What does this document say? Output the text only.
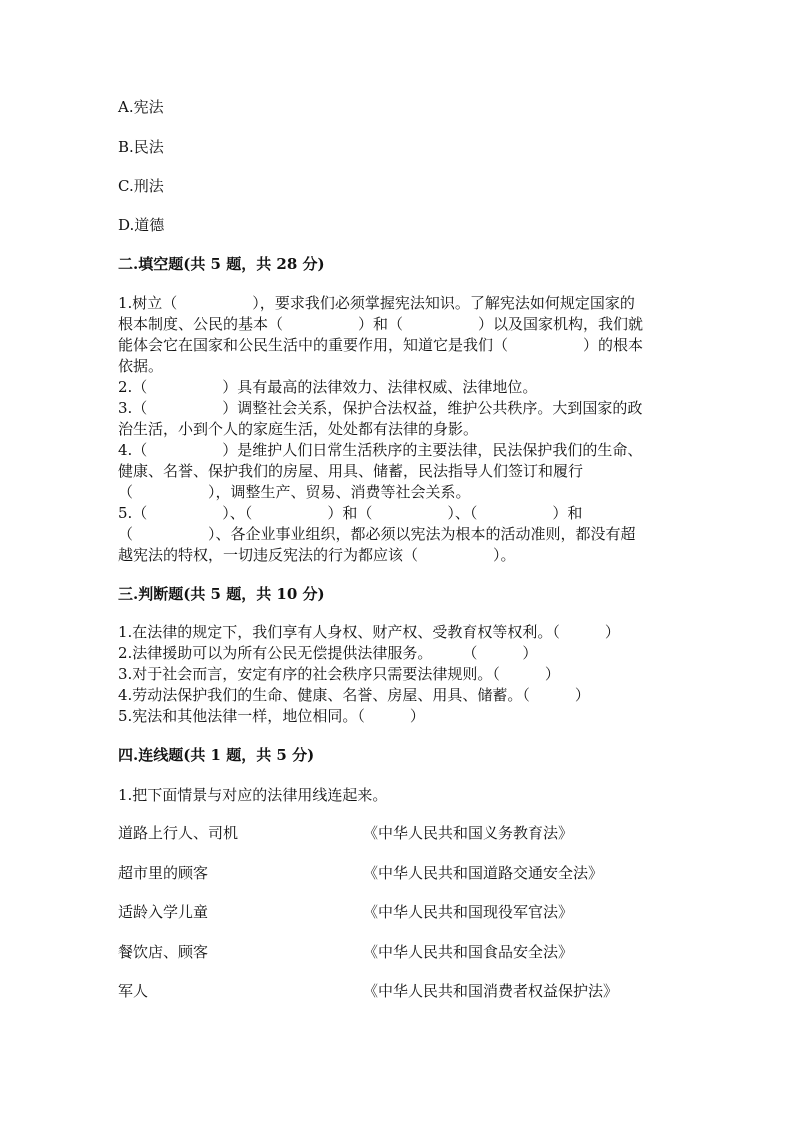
A.宪法
B.民法
C.刑法
D.道德
二.填空题(共 5 题，共 28 分)
1.树立（　　　　　），要求我们必须掌握宪法知识。了解宪法如何规定国家的
根本制度、公民的基本（　　　　　）和（　　　　　）以及国家机构，我们就
能体会它在国家和公民生活中的重要作用，知道它是我们（　　　　　）的根本
依据。
2.（　　　　　）具有最高的法律效力、法律权威、法律地位。
3.（　　　　　）调整社会关系，保护合法权益，维护公共秩序。大到国家的政
治生活，小到个人的家庭生活，处处都有法律的身影。
4.（　　　　　）是维护人们日常生活秩序的主要法律，民法保护我们的生命、
健康、名誉、保护我们的房屋、用具、储蓄，民法指导人们签订和履行
（　　　　　），调整生产、贸易、消费等社会关系。
5.（　　　　　）、（　　　　　）和（　　　　　）、（　　　　　）和
（　　　　　）、各企业事业组织，都必须以宪法为根本的活动准则，都没有超
越宪法的特权，一切违反宪法的行为都应该（　　　　　）。
三.判断题(共 5 题，共 10 分)
1.在法律的规定下，我们享有人身权、财产权、受教育权等权利。（　　　）
2.法律援助可以为所有公民无偿提供法律服务。　　　（　　　）
3.对于社会而言，安定有序的社会秩序只需要法律规则。（　　　）
4.劳动法保护我们的生命、健康、名誉、房屋、用具、储蓄。（　　　）
5.宪法和其他法律一样，地位相同。（　　　）
四.连线题(共 1 题，共 5 分)
1.把下面情景与对应的法律用线连起来。
道路上行人、司机	《中华人民共和国义务教育法》
超市里的顾客	《中华人民共和国道路交通安全法》
适龄入学儿童	《中华人民共和国现役军官法》
餐饮店、顾客	《中华人民共和国食品安全法》
军人	《中华人民共和国消费者权益保护法》
